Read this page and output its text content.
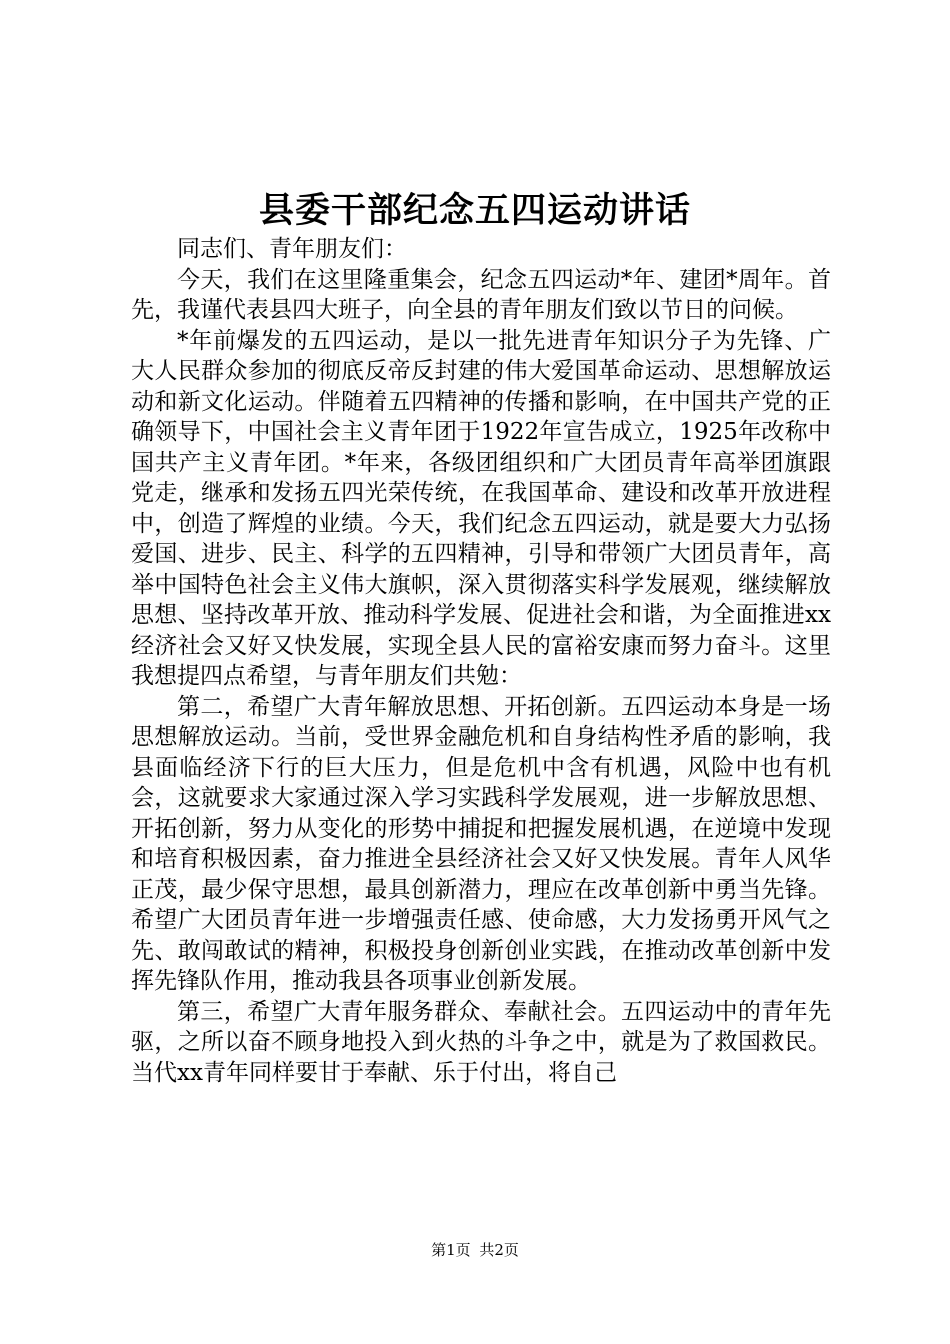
县委干部纪念五四运动讲话

同志们、青年朋友们：

今天，我们在这里隆重集会，纪念五四运动*年、建团*周年。首先，我谨代表县四大班子，向全县的青年朋友们致以节日的问候。

*年前爆发的五四运动，是以一批先进青年知识分子为先锋、广大人民群众参加的彻底反帝反封建的伟大爱国革命运动、思想解放运动和新文化运动。伴随着五四精神的传播和影响，在中国共产党的正确领导下，中国社会主义青年团于1922年宣告成立，1925年改称中国共产主义青年团。*年来，各级团组织和广大团员青年高举团旗跟党走，继承和发扬五四光荣传统，在我国革命、建设和改革开放进程中，创造了辉煌的业绩。今天，我们纪念五四运动，就是要大力弘扬爱国、进步、民主、科学的五四精神，引导和带领广大团员青年，高举中国特色社会主义伟大旗帜，深入贯彻落实科学发展观，继续解放思想、坚持改革开放、推动科学发展、促进社会和谐，为全面推进xx经济社会又好又快发展，实现全县人民的富裕安康而努力奋斗。这里我想提四点希望，与青年朋友们共勉：

第二，希望广大青年解放思想、开拓创新。五四运动本身是一场思想解放运动。当前，受世界金融危机和自身结构性矛盾的影响，我县面临经济下行的巨大压力，但是危机中含有机遇，风险中也有机会，这就要求大家通过深入学习实践科学发展观，进一步解放思想、开拓创新，努力从变化的形势中捕捉和把握发展机遇，在逆境中发现和培育积极因素，奋力推进全县经济社会又好又快发展。青年人风华正茂，最少保守思想，最具创新潜力，理应在改革创新中勇当先锋。希望广大团员青年进一步增强责任感、使命感，大力发扬勇开风气之先、敢闯敢试的精神，积极投身创新创业实践，在推动改革创新中发挥先锋队作用，推动我县各项事业创新发展。

第三，希望广大青年服务群众、奉献社会。五四运动中的青年先驱，之所以奋不顾身地投入到火热的斗争之中，就是为了救国救民。当代xx青年同样要甘于奉献、乐于付出，将自己

第1页 共2页
